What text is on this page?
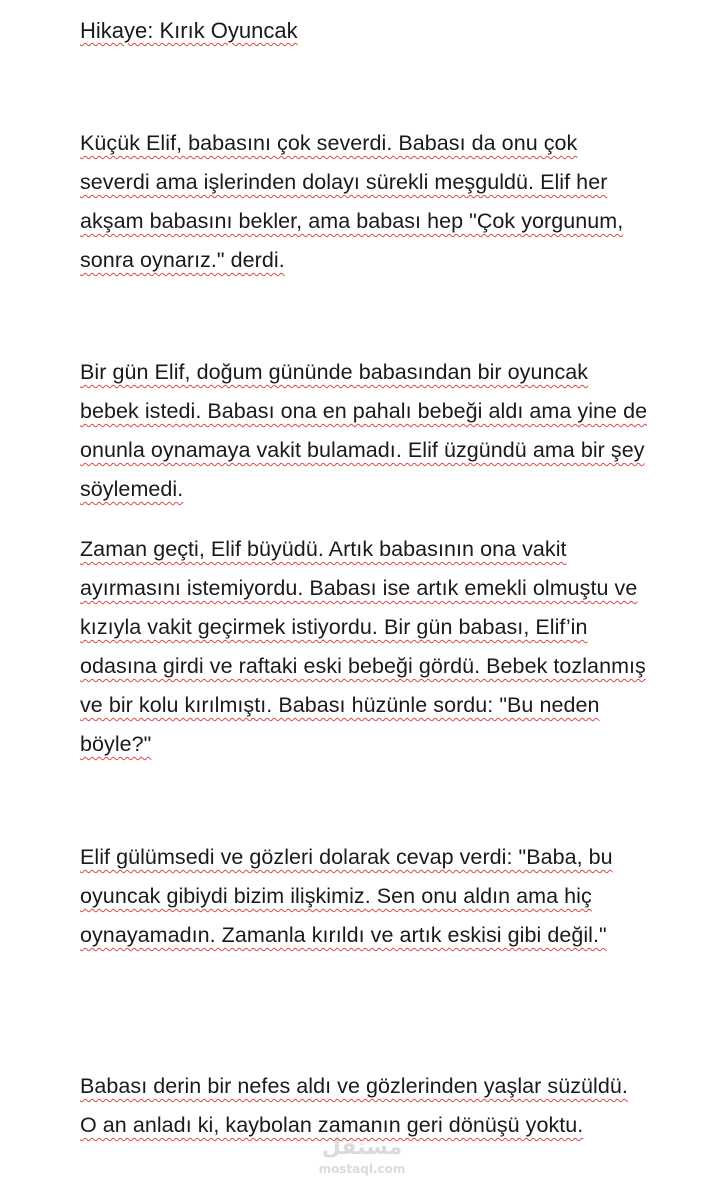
Hikaye: Kırık Oyuncak

Küçük Elif, babasını çok severdi. Babası da onu çok severdi ama işlerinden dolayı sürekli meşguldü. Elif her akşam babasını bekler, ama babası hep "Çok yorgunum, sonra oynarız." derdi.

Bir gün Elif, doğum gününde babasından bir oyuncak bebek istedi. Babası ona en pahalı bebeği aldı ama yine de onunla oynamaya vakit bulamadı. Elif üzgündü ama bir şey söylemedi.

Zaman geçti, Elif büyüdü. Artık babasının ona vakit ayırmasını istemiyordu. Babası ise artık emekli olmuştu ve kızıyla vakit geçirmek istiyordu. Bir gün babası, Elif’in odasına girdi ve raftaki eski bebeği gördü. Bebek tozlanmış ve bir kolu kırılmıştı. Babası hüzünle sordu: "Bu neden böyle?"

Elif gülümsedi ve gözleri dolarak cevap verdi: "Baba, bu oyuncak gibiydi bizim ilişkimiz. Sen onu aldın ama hiç oynayamadın. Zamanla kırıldı ve artık eskisi gibi değil."

Babası derin bir nefes aldı ve gözlerinden yaşlar süzüldü. O an anladı ki, kaybolan zamanın geri dönüşü yoktu.

مستقل
mostaql.com
